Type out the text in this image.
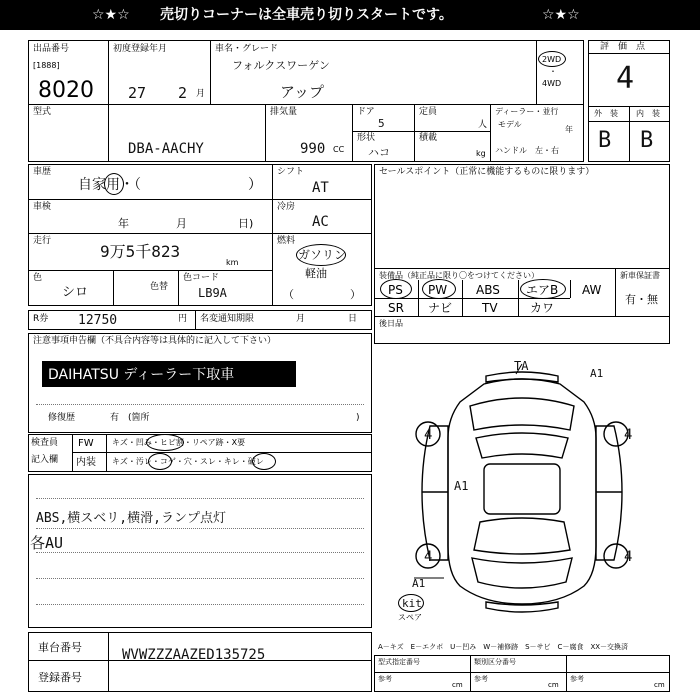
☆★☆ 売切りコーナーは全車売り切りスタートです。	☆★☆
出品番号
[1888]
8020
初度登録年月
27 2 月
車名・グレード
フォルクスワーゲン
アップ
2WD
・
4WD
型式
DBA-AACHY
排気量
990 CC
ドア
5
形状
ハコ
定員
人
積載
kg
ディーラー・並行
モデル
年
ハンドル　左・右
評　価　点
4
外　装 内　装
B B
車歴
自家用・（	）
車検
年	月	日)
走行
9万5千823
km
色
シロ	色替
色コード
LB9A
シフト
AT
冷房
AC
燃料
ガソリン
軽油
（	）
セールスポイント（正常に機能するものに限ります）
装備品（純正品に限り〇をつけてください）	新車保証書
有・無
PS PW ABS エアB AW
SR ナビ TV	カワ
後日品
R券 12750	円 名変通知期限	月	日
注意事項申告欄（不具合内容等は具体的に記入して下さい）
DAIHATSU ディーラー下取車
修復歴	有　(箇所	)
検査員
記入欄
FW キズ・凹み・ヒビ割・リペア跡・X要
内装 キズ・汚レ・コゲ・穴・スレ・キレ・破レ
ABS,横スベリ,横滑,ランプ点灯
各AU
車台番号	WVWZZZAAZED135725
登録番号
TA
A1
A1
A1
4	4
4	4
kit
スペア
A－キズ　E－エクボ　U－凹み　W－補修跡　S－サビ　C－腐食　XX－交換済
型式指定番号	類別区分番号
参考	参考	参考
cm	cm	cm
